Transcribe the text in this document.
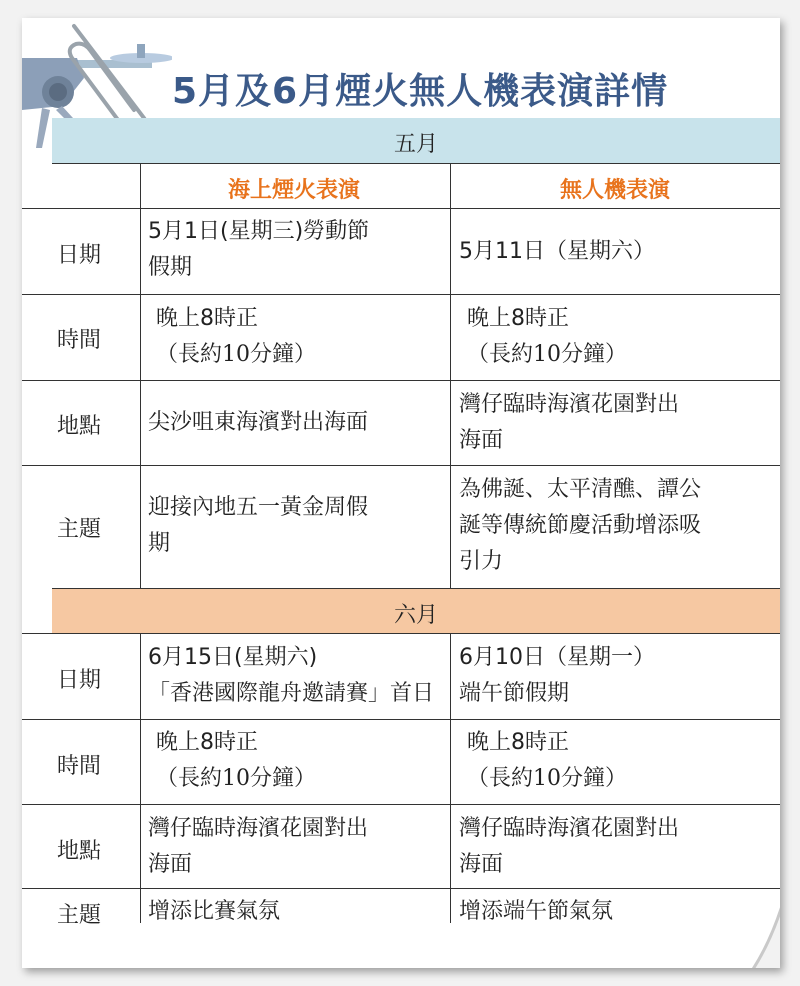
5月及6月煙火無人機表演詳情
五月
海上煙火表演	無人機表演
日期
5月1日(星期三)勞動節
假期
5月11日（星期六）
時間
晚上8時正
（長約10分鐘）
晚上8時正
（長約10分鐘）
地點 尖沙咀東海濱對出海面
灣仔臨時海濱花園對出
海面
主題
迎接內地五一黃金周假
期
為佛誕、太平清醮、譚公
誕等傳統節慶活動增添吸
引力
六月
日期
6月15日(星期六)
「香港國際龍舟邀請賽」首日
6月10日（星期一）
端午節假期
時間
晚上8時正
（長約10分鐘）
晚上8時正
（長約10分鐘）
地點
灣仔臨時海濱花園對出
海面
灣仔臨時海濱花園對出
海面
主題 增添比賽氣氛	增添端午節氣氛
